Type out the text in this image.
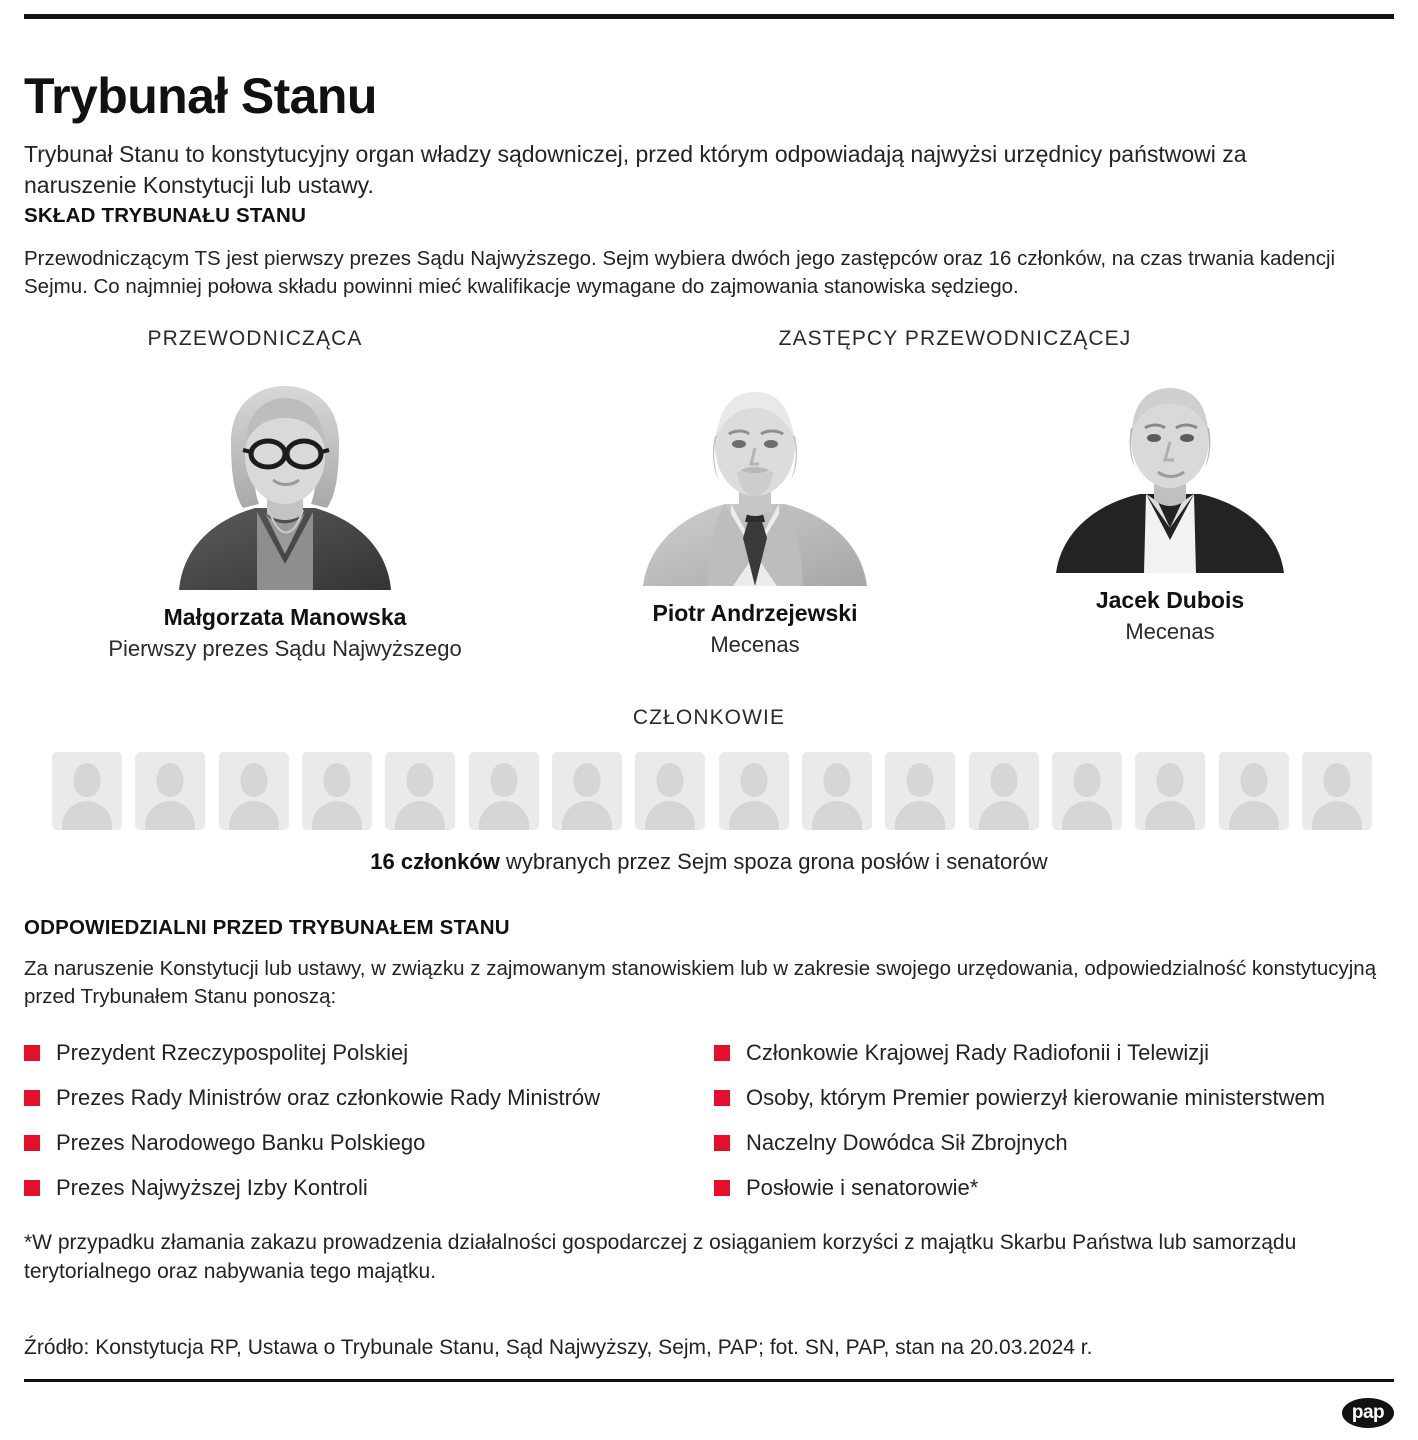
Trybunał Stanu

Trybunał Stanu to konstytucyjny organ władzy sądowniczej, przed którym odpowiadają najwyżsi urzędnicy państwowi za naruszenie Konstytucji lub ustawy.

SKŁAD TRYBUNAŁU STANU
Przewodniczącym TS jest pierwszy prezes Sądu Najwyższego. Sejm wybiera dwóch jego zastępców oraz 16 członków, na czas trwania kadencji Sejmu. Co najmniej połowa składu powinni mieć kwalifikacje wymagane do zajmowania stanowiska sędziego.
PRZEWODNICZĄCA	ZASTĘPCY PRZEWODNICZĄCEJ
Małgorzata Manowska
Pierwszy prezes Sądu Najwyższego
Piotr Andrzejewski
Mecenas
Jacek Dubois
Mecenas
CZŁONKOWIE
16 członków wybranych przez Sejm spoza grona posłów i senatorów
ODPOWIEDZIALNI PRZED TRYBUNAŁEM STANU
Za naruszenie Konstytucji lub ustawy, w związku z zajmowanym stanowiskiem lub w zakresie swojego urzędowania, odpowiedzialność konstytucyjną przed Trybunałem Stanu ponoszą:
Prezydent Rzeczypospolitej Polskiej
Prezes Rady Ministrów oraz członkowie Rady Ministrów
Prezes Narodowego Banku Polskiego
Prezes Najwyższej Izby Kontroli
Członkowie Krajowej Rady Radiofonii i Telewizji
Osoby, którym Premier powierzył kierowanie ministerstwem
Naczelny Dowódca Sił Zbrojnych
Posłowie i senatorowie*
*W przypadku złamania zakazu prowadzenia działalności gospodarczej z osiąganiem korzyści z majątku Skarbu Państwa lub samorządu terytorialnego oraz nabywania tego majątku.
Źródło: Konstytucja RP, Ustawa o Trybunale Stanu, Sąd Najwyższy, Sejm, PAP; fot. SN, PAP, stan na 20.03.2024 r.
pap
